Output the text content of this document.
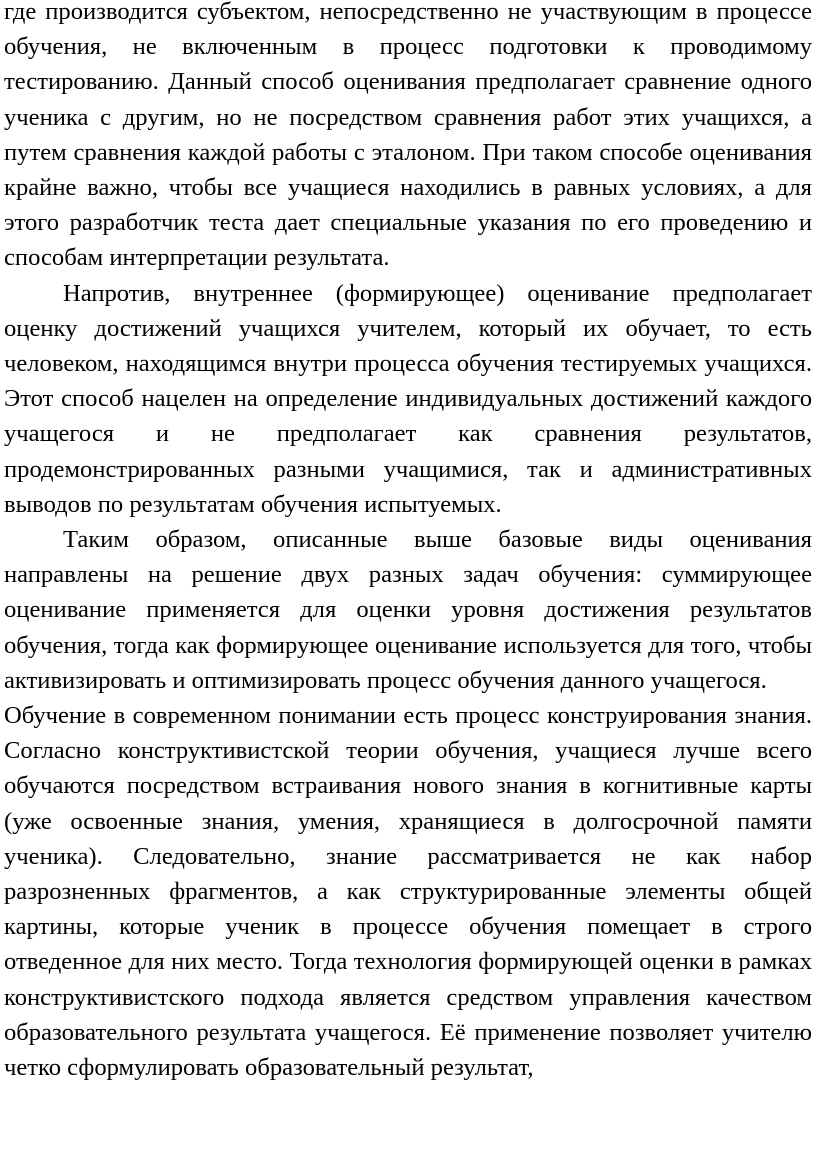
где производится субъектом, непосредственно не участвующим в процессе обучения, не включенным в процесс подготовки к проводимому тестированию. Данный способ оценивания предполагает сравнение одного ученика с другим, но не посредством сравнения работ этих учащихся, а путем сравнения каждой работы с эталоном. При таком способе оценивания крайне важно, чтобы все учащиеся находились в равных условиях, а для этого разработчик теста дает специальные указания по его проведению и способам интерпретации результата.

Напротив, внутреннее (формирующее) оценивание предполагает оценку достижений учащихся учителем, который их обучает, то есть человеком, находящимся внутри процесса обучения тестируемых учащихся. Этот способ нацелен на определение индивидуальных достижений каждого учащегося и не предполагает как сравнения результатов, продемонстрированных разными учащимися, так и административных выводов по результатам обучения испытуемых.

Таким образом, описанные выше базовые виды оценивания направлены на решение двух разных задач обучения: суммирующее оценивание применяется для оценки уровня достижения результатов обучения, тогда как формирующее оценивание используется для того, чтобы активизировать и оптимизировать процесс обучения данного учащегося.

Обучение в современном понимании есть процесс конструирования знания. Согласно конструктивистской теории обучения, учащиеся лучше всего обучаются посредством встраивания нового знания в когнитивные карты (уже освоенные знания, умения, хранящиеся в долгосрочной памяти ученика). Следовательно, знание рассматривается не как набор разрозненных фрагментов, а как структурированные элементы общей картины, которые ученик в процессе обучения помещает в строго отведенное для них место. Тогда технология формирующей оценки в рамках конструктивистского подхода является средством управления качеством образовательного результата учащегося. Её применение позволяет учителю четко сформулировать образовательный результат,
